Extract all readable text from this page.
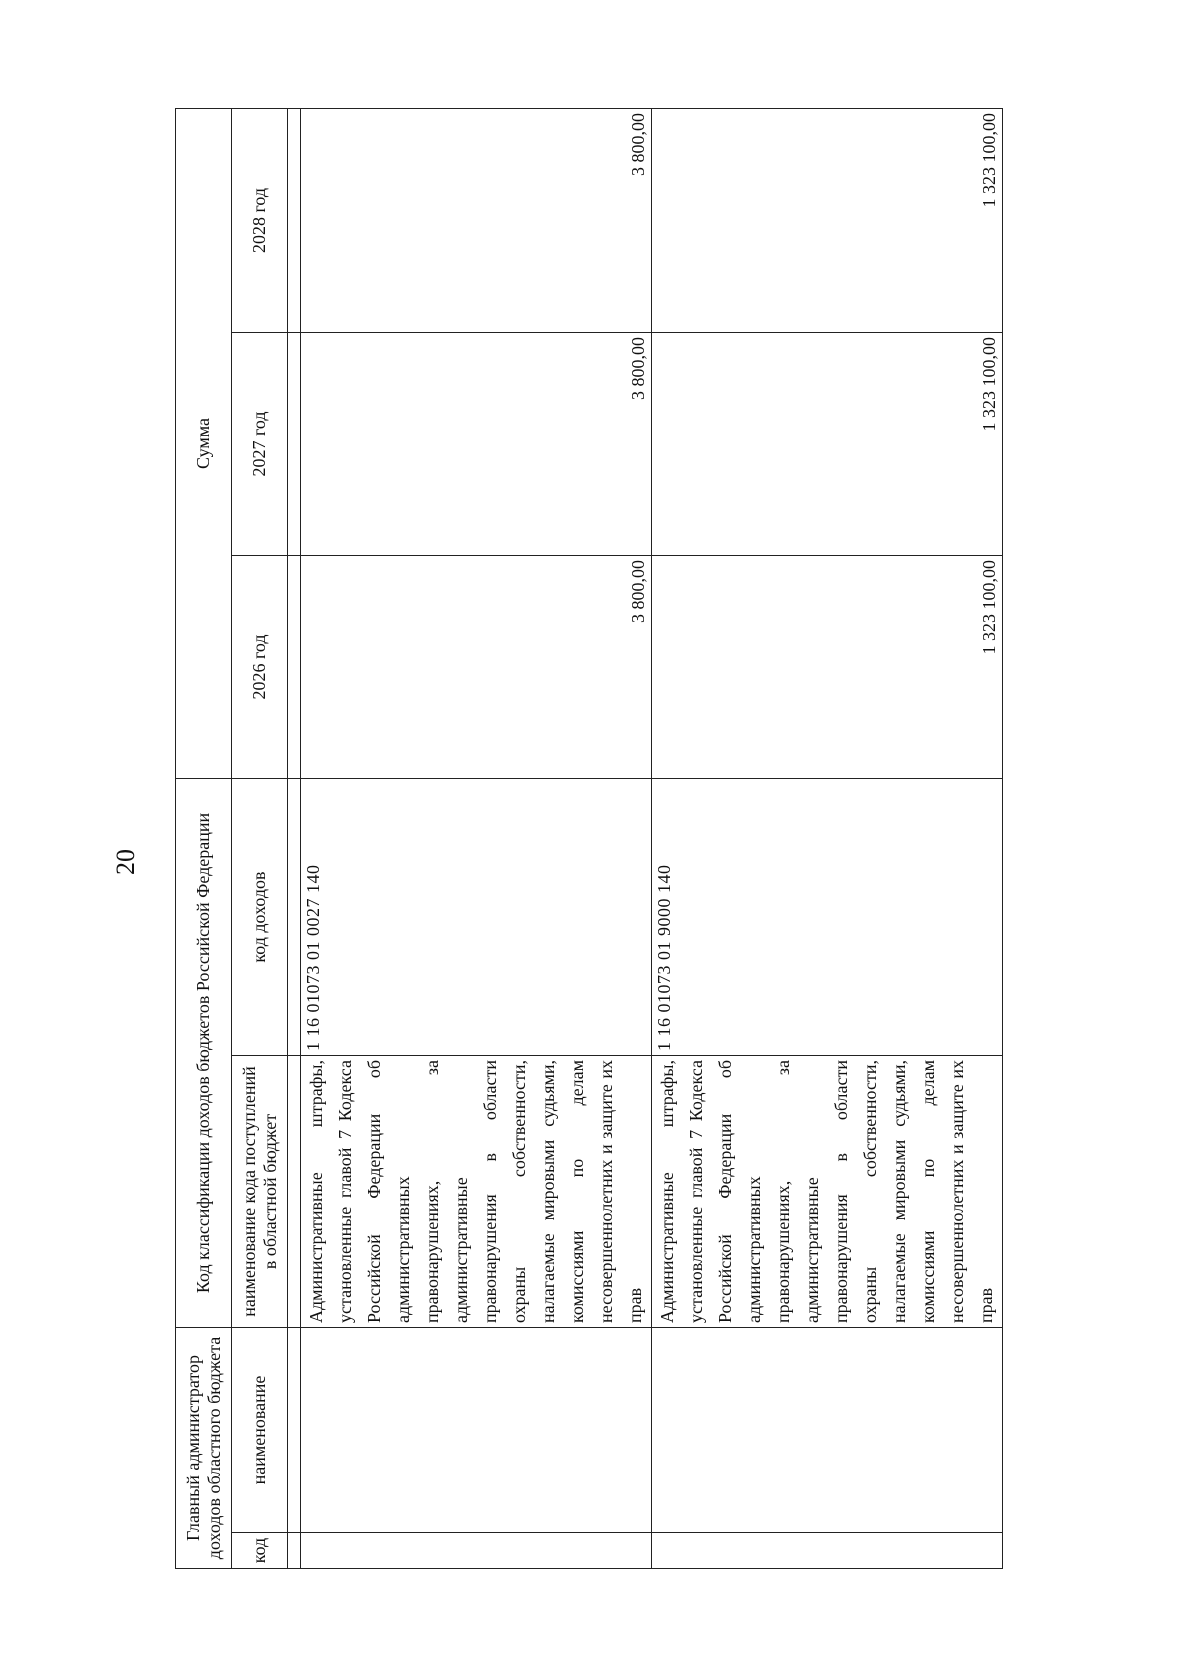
20
Главный администратор доходов областного бюджета		Код классификации доходов бюджетов Российской Федерации		Сумма		
код	наименование	наименование кода поступлений в областной бюджет	код доходов	2026 год	2027 год	2028 год

		Административные штрафы, установленные главой 7 Кодекса Российской Федерации об административных правонарушениях, за административные правонарушения в области охраны собственности, налагаемые мировыми судьями, комиссиями по делам несовершеннолетних и защите их прав	1 16 01073 01 0027 140	3 800,00	3 800,00	3 800,00
		Административные штрафы, установленные главой 7 Кодекса Российской Федерации об административных правонарушениях, за административные правонарушения в области охраны собственности, налагаемые мировыми судьями, комиссиями по делам несовершеннолетних и защите их прав	1 16 01073 01 9000 140	1 323 100,00	1 323 100,00	1 323 100,00
